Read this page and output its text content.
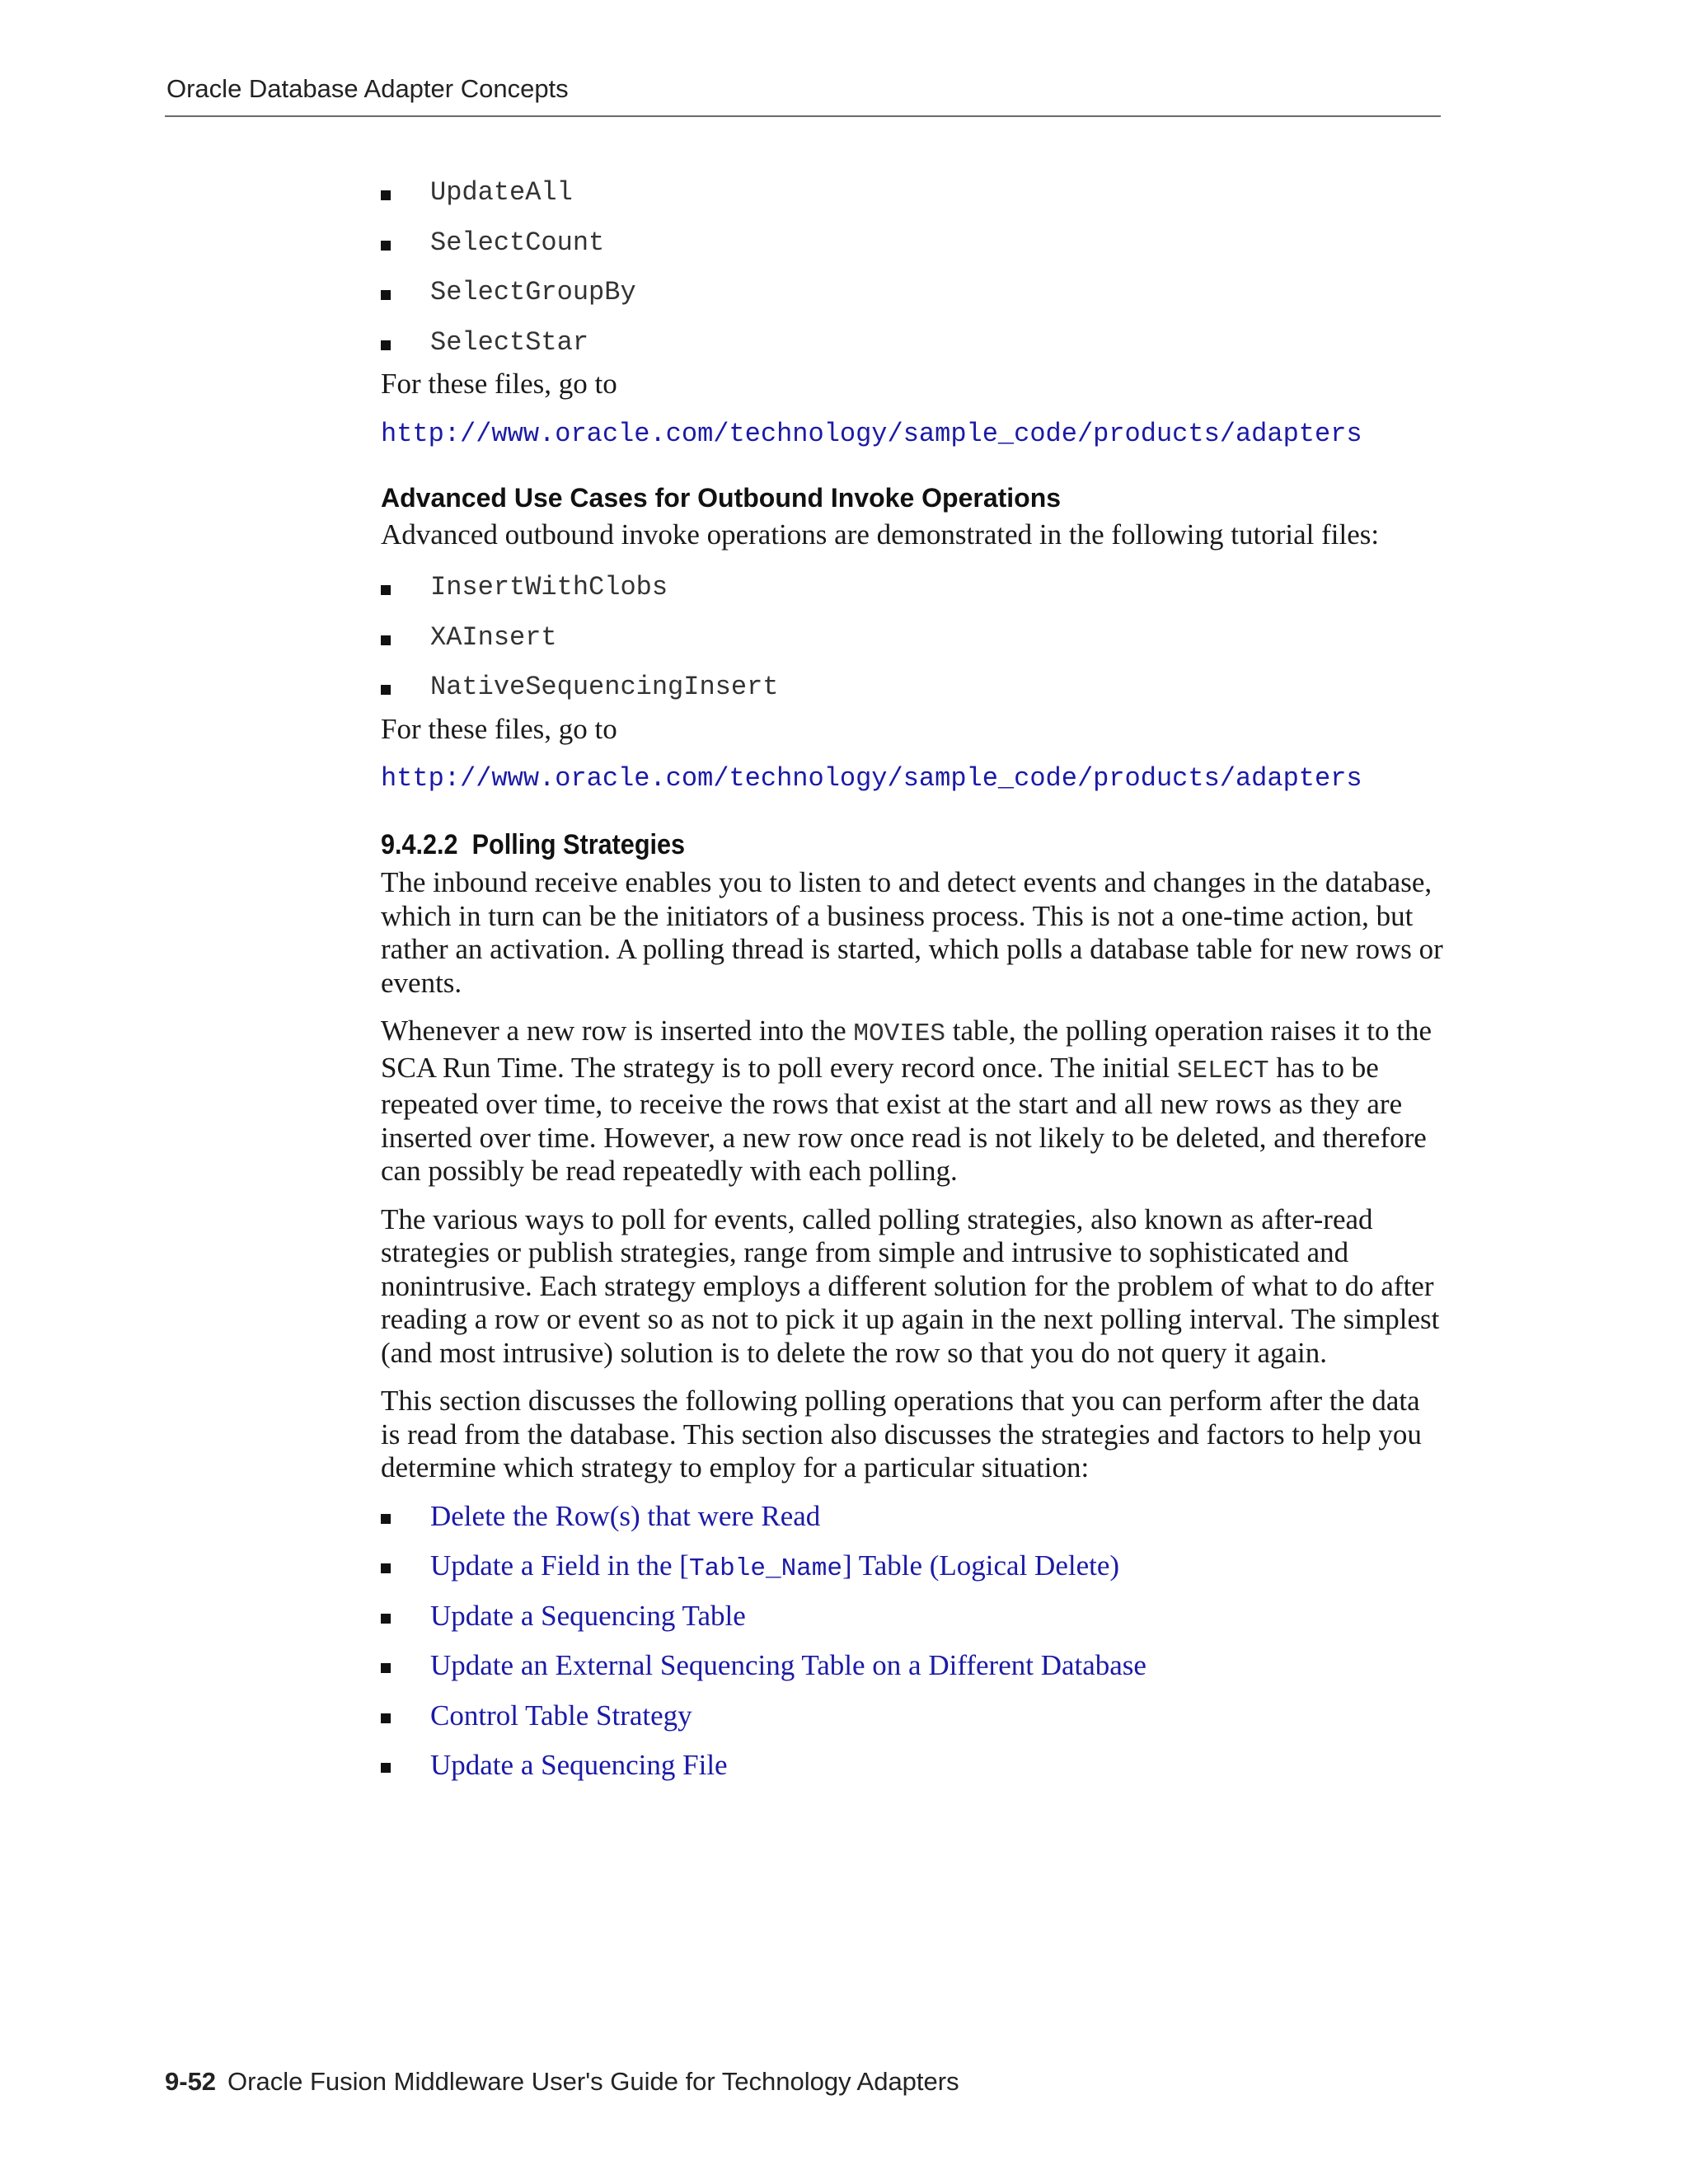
Oracle Database Adapter Concepts
UpdateAll
SelectCount
SelectGroupBy
SelectStar

For these files, go to

http://www.oracle.com/technology/sample_code/products/adapters
Advanced Use Cases for Outbound Invoke Operations

Advanced outbound invoke operations are demonstrated in the following tutorial files:

InsertWithClobs
XAInsert
NativeSequencingInsert

For these files, go to

http://www.oracle.com/technology/sample_code/products/adapters
9.4.2.2 Polling Strategies

The inbound receive enables you to listen to and detect events and changes in the database, which in turn can be the initiators of a business process. This is not a one-time action, but rather an activation. A polling thread is started, which polls a database table for new rows or events.

Whenever a new row is inserted into the MOVIES table, the polling operation raises it to the SCA Run Time. The strategy is to poll every record once. The initial SELECT has to be repeated over time, to receive the rows that exist at the start and all new rows as they are inserted over time. However, a new row once read is not likely to be deleted, and therefore can possibly be read repeatedly with each polling.

The various ways to poll for events, called polling strategies, also known as after-read strategies or publish strategies, range from simple and intrusive to sophisticated and nonintrusive. Each strategy employs a different solution for the problem of what to do after reading a row or event so as not to pick it up again in the next polling interval. The simplest (and most intrusive) solution is to delete the row so that you do not query it again.

This section discusses the following polling operations that you can perform after the data is read from the database. This section also discusses the strategies and factors to help you determine which strategy to employ for a particular situation:

Delete the Row(s) that were Read
Update a Field in the [Table_Name] Table (Logical Delete)
Update a Sequencing Table
Update an External Sequencing Table on a Different Database
Control Table Strategy
Update a Sequencing File
9-52 Oracle Fusion Middleware User's Guide for Technology Adapters
